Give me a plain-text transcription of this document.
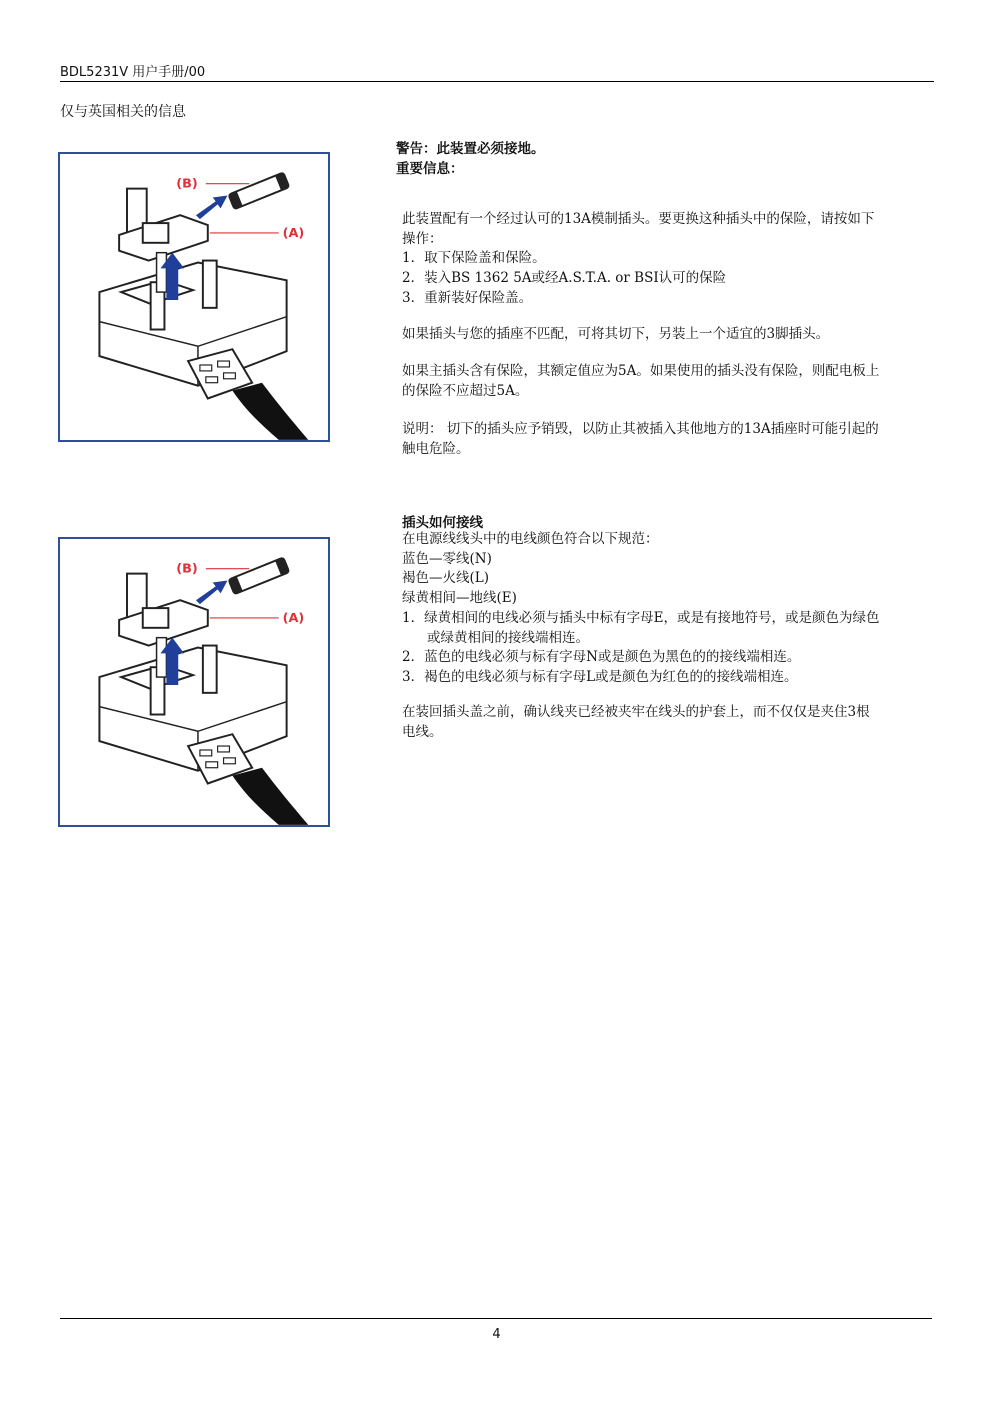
BDL5231V 用户手册/00
仅与英国相关的信息
(B)
(A)
警告：此装置必须接地。
重要信息：
此装置配有一个经过认可的13A模制插头。要更换这种插头中的保险，请按如下
操作：
1．取下保险盖和保险。
2．装入BS 1362 5A或经A.S.T.A. or BSI认可的保险
3．重新装好保险盖。
如果插头与您的插座不匹配，可将其切下，另装上一个适宜的3脚插头。
如果主插头含有保险，其额定值应为5A。如果使用的插头没有保险，则配电板上
的保险不应超过5A。
说明： 切下的插头应予销毁，以防止其被插入其他地方的13A插座时可能引起的
触电危险。
(B)
(A)
插头如何接线
在电源线线头中的电线颜色符合以下规范：
蓝色—零线(N)
褐色—火线(L)
绿黄相间—地线(E)
1．绿黄相间的电线必须与插头中标有字母E，或是有接地符号，或是颜色为绿色
或绿黄相间的接线端相连。
2．蓝色的电线必须与标有字母N或是颜色为黑色的的接线端相连。
3．褐色的电线必须与标有字母L或是颜色为红色的的接线端相连。
在装回插头盖之前，确认线夹已经被夹牢在线头的护套上，而不仅仅是夹住3根
电线。
4
